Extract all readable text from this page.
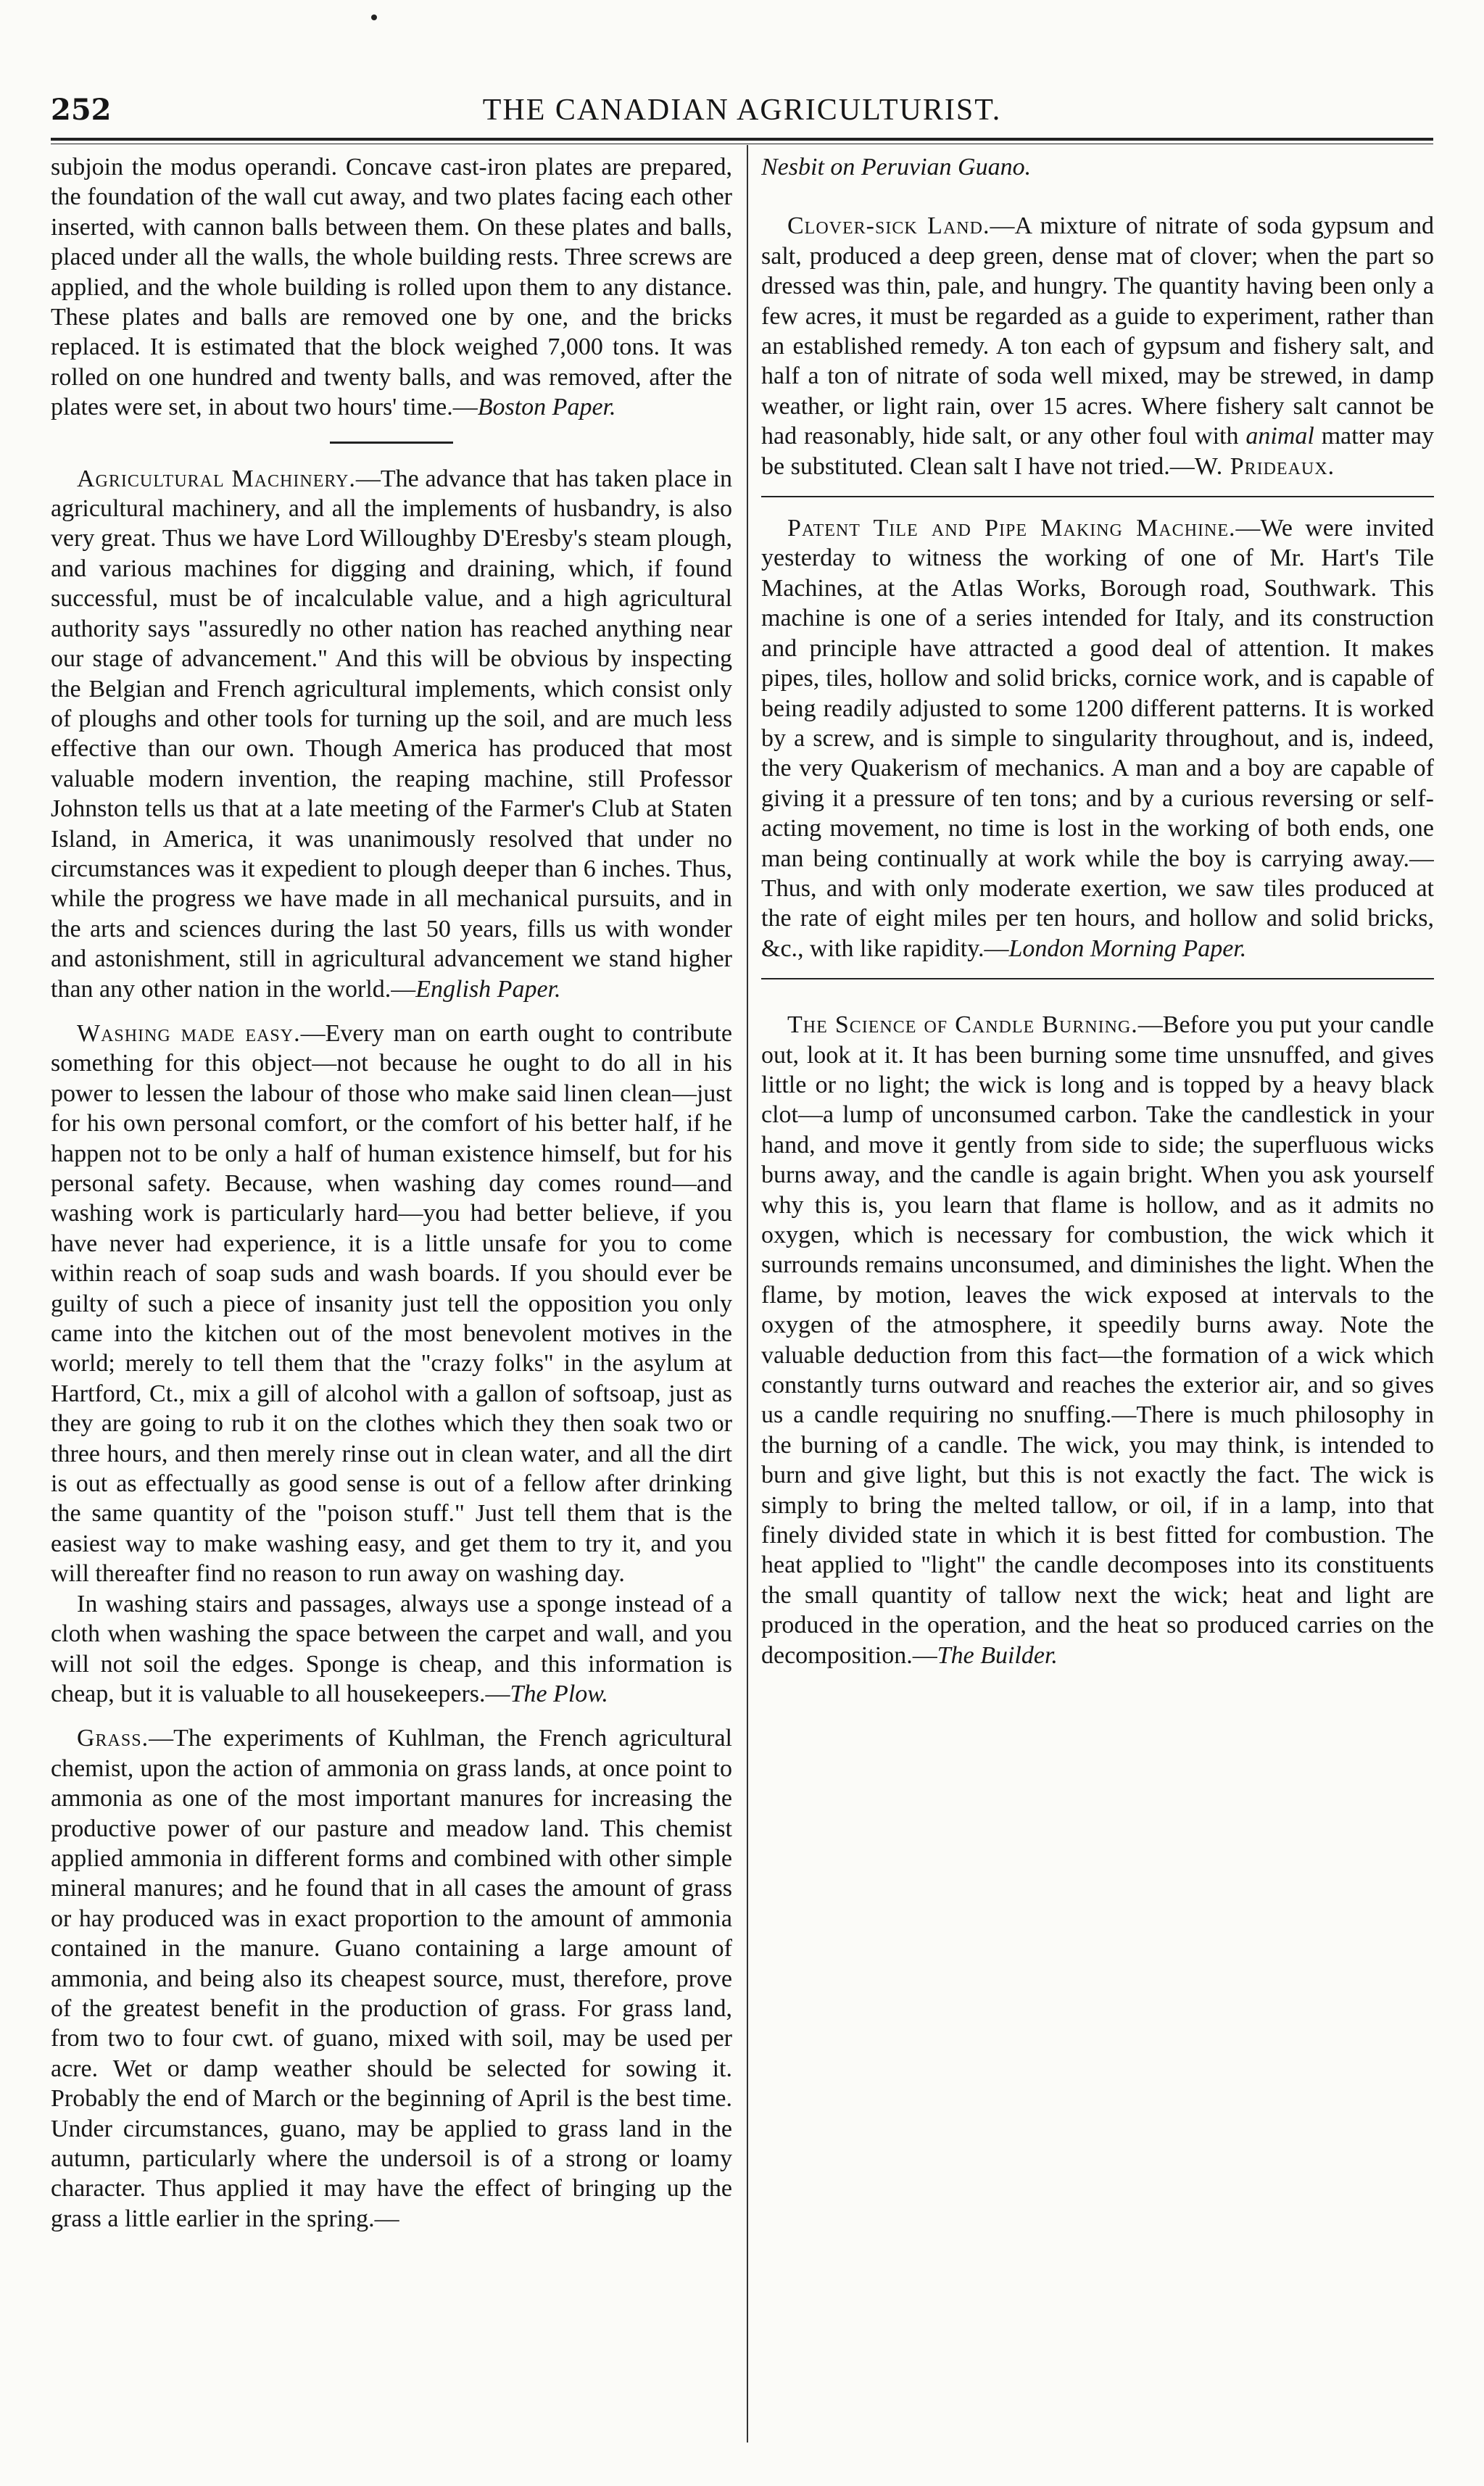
252	THE CANADIAN AGRICULTURIST.

subjoin the modus operandi. Concave cast-iron plates are prepared, the foundation of the wall cut away, and two plates facing each other inserted, with cannon balls between them. On these plates and balls, placed under all the walls, the whole building rests. Three screws are applied, and the whole building is rolled upon them to any distance. These plates and balls are removed one by one, and the bricks replaced. It is estimated that the block weighed 7,000 tons. It was rolled on one hundred and twenty balls, and was removed, after the plates were set, in about two hours' time.—Boston Paper.

Agricultural Machinery.—The advance that has taken place in agricultural machinery, and all the implements of husbandry, is also very great. Thus we have Lord Willoughby D'Eresby's steam plough, and various machines for digging and draining, which, if found successful, must be of incalculable value, and a high agricultural authority says "assuredly no other nation has reached anything near our stage of advancement." And this will be obvious by inspecting the Belgian and French agricultural implements, which consist only of ploughs and other tools for turning up the soil, and are much less effective than our own. Though America has produced that most valuable modern invention, the reaping machine, still Professor Johnston tells us that at a late meeting of the Farmer's Club at Staten Island, in America, it was unanimously resolved that under no circumstances was it expedient to plough deeper than 6 inches. Thus, while the progress we have made in all mechanical pursuits, and in the arts and sciences during the last 50 years, fills us with wonder and astonishment, still in agricultural advancement we stand higher than any other nation in the world.—English Paper.

Washing made easy.—Every man on earth ought to contribute something for this object—not because he ought to do all in his power to lessen the labour of those who make said linen clean—just for his own personal comfort, or the comfort of his better half, if he happen not to be only a half of human existence himself, but for his personal safety. Because, when washing day comes round—and washing work is particularly hard—you had better believe, if you have never had experience, it is a little unsafe for you to come within reach of soap suds and wash boards. If you should ever be guilty of such a piece of insanity just tell the opposition you only came into the kitchen out of the most benevolent motives in the world; merely to tell them that the "crazy folks" in the asylum at Hartford, Ct., mix a gill of alcohol with a gallon of softsoap, just as they are going to rub it on the clothes which they then soak two or three hours, and then merely rinse out in clean water, and all the dirt is out as effectually as good sense is out of a fellow after drinking the same quantity of the "poison stuff." Just tell them that is the easiest way to make washing easy, and get them to try it, and you will thereafter find no reason to run away on washing day.

In washing stairs and passages, always use a sponge instead of a cloth when washing the space between the carpet and wall, and you will not soil the edges. Sponge is cheap, and this information is cheap, but it is valuable to all housekeepers.—The Plow.

Grass.—The experiments of Kuhlman, the French agricultural chemist, upon the action of ammonia on grass lands, at once point to ammonia as one of the most important manures for increasing the productive power of our pasture and meadow land. This chemist applied ammonia in different forms and combined with other simple mineral manures; and he found that in all cases the amount of grass or hay produced was in exact proportion to the amount of ammonia contained in the manure. Guano containing a large amount of ammonia, and being also its cheapest source, must, therefore, prove of the greatest benefit in the production of grass. For grass land, from two to four cwt. of guano, mixed with soil, may be used per acre. Wet or damp weather should be selected for sowing it. Probably the end of March or the beginning of April is the best time. Under circumstances, guano, may be applied to grass land in the autumn, particularly where the undersoil is of a strong or loamy character. Thus applied it may have the effect of bringing up the grass a little earlier in the spring.—

Nesbit on Peruvian Guano.

Clover-sick Land.—A mixture of nitrate of soda gypsum and salt, produced a deep green, dense mat of clover; when the part so dressed was thin, pale, and hungry. The quantity having been only a few acres, it must be regarded as a guide to experiment, rather than an established remedy. A ton each of gypsum and fishery salt, and half a ton of nitrate of soda well mixed, may be strewed, in damp weather, or light rain, over 15 acres. Where fishery salt cannot be had reasonably, hide salt, or any other foul with animal matter may be substituted. Clean salt I have not tried.—W. Prideaux.

Patent Tile and Pipe Making Machine.—We were invited yesterday to witness the working of one of Mr. Hart's Tile Machines, at the Atlas Works, Borough road, Southwark. This machine is one of a series intended for Italy, and its construction and principle have attracted a good deal of attention. It makes pipes, tiles, hollow and solid bricks, cornice work, and is capable of being readily adjusted to some 1200 different patterns. It is worked by a screw, and is simple to singularity throughout, and is, indeed, the very Quakerism of mechanics. A man and a boy are capable of giving it a pressure of ten tons; and by a curious reversing or self-acting movement, no time is lost in the working of both ends, one man being continually at work while the boy is carrying away.—Thus, and with only moderate exertion, we saw tiles produced at the rate of eight miles per ten hours, and hollow and solid bricks, &c., with like rapidity.—London Morning Paper.

The Science of Candle Burning.—Before you put your candle out, look at it. It has been burning some time unsnuffed, and gives little or no light; the wick is long and is topped by a heavy black clot—a lump of unconsumed carbon. Take the candlestick in your hand, and move it gently from side to side; the superfluous wicks burns away, and the candle is again bright. When you ask yourself why this is, you learn that flame is hollow, and as it admits no oxygen, which is necessary for combustion, the wick which it surrounds remains unconsumed, and diminishes the light. When the flame, by motion, leaves the wick exposed at intervals to the oxygen of the atmosphere, it speedily burns away. Note the valuable deduction from this fact—the formation of a wick which constantly turns outward and reaches the exterior air, and so gives us a candle requiring no snuffing.—There is much philosophy in the burning of a candle. The wick, you may think, is intended to burn and give light, but this is not exactly the fact. The wick is simply to bring the melted tallow, or oil, if in a lamp, into that finely divided state in which it is best fitted for combustion. The heat applied to "light" the candle decomposes into its constituents the small quantity of tallow next the wick; heat and light are produced in the operation, and the heat so produced carries on the decomposition.—The Builder.
